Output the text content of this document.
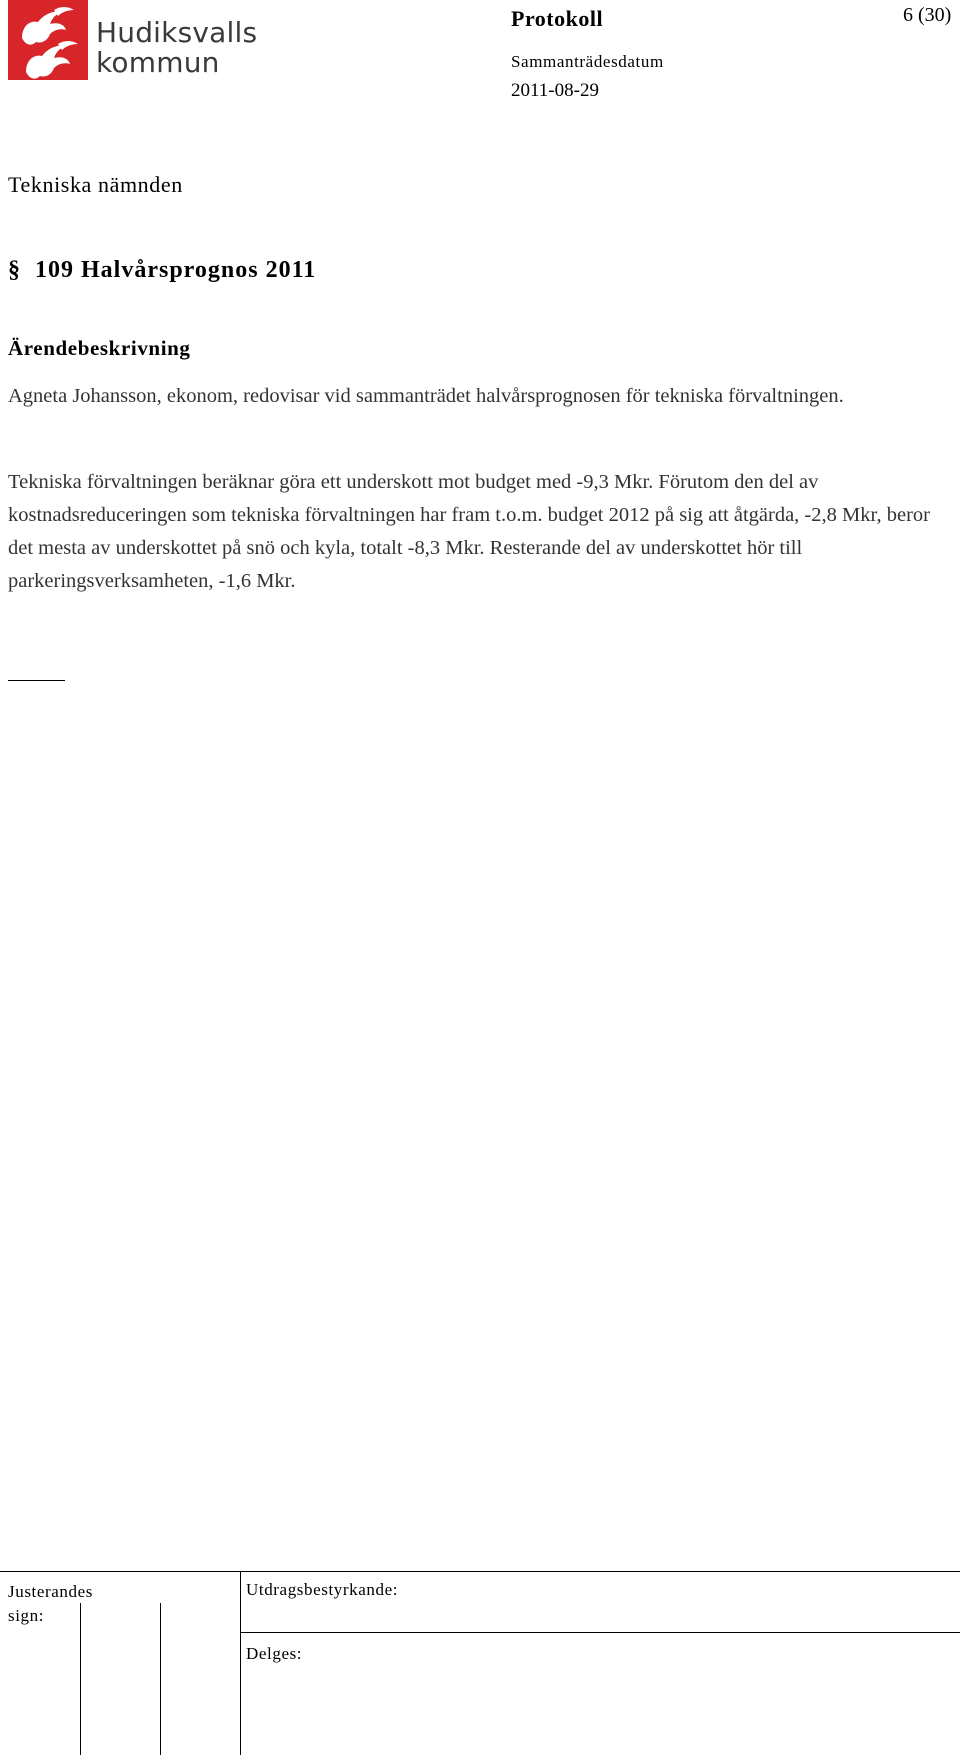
Hudiksvalls
kommun
Protokoll	6 (30)
Sammanträdesdatum
2011-08-29
Tekniska nämnden
§ 109 Halvårsprognos 2011
Ärendebeskrivning
Agneta Johansson, ekonom, redovisar vid sammanträdet halvårsprognosen för tekniska förvaltningen.
Tekniska förvaltningen beräknar göra ett underskott mot budget med -9,3 Mkr. Förutom den del av kostnadsreduceringen som tekniska förvaltningen har fram t.o.m. budget 2012 på sig att åtgärda, -2,8 Mkr, beror det mesta av underskottet på snö och kyla, totalt -8,3 Mkr. Resterande del av underskottet hör till parkeringsverksamheten, -1,6 Mkr.
Justerandes
sign:
Utdragsbestyrkande:
Delges:
